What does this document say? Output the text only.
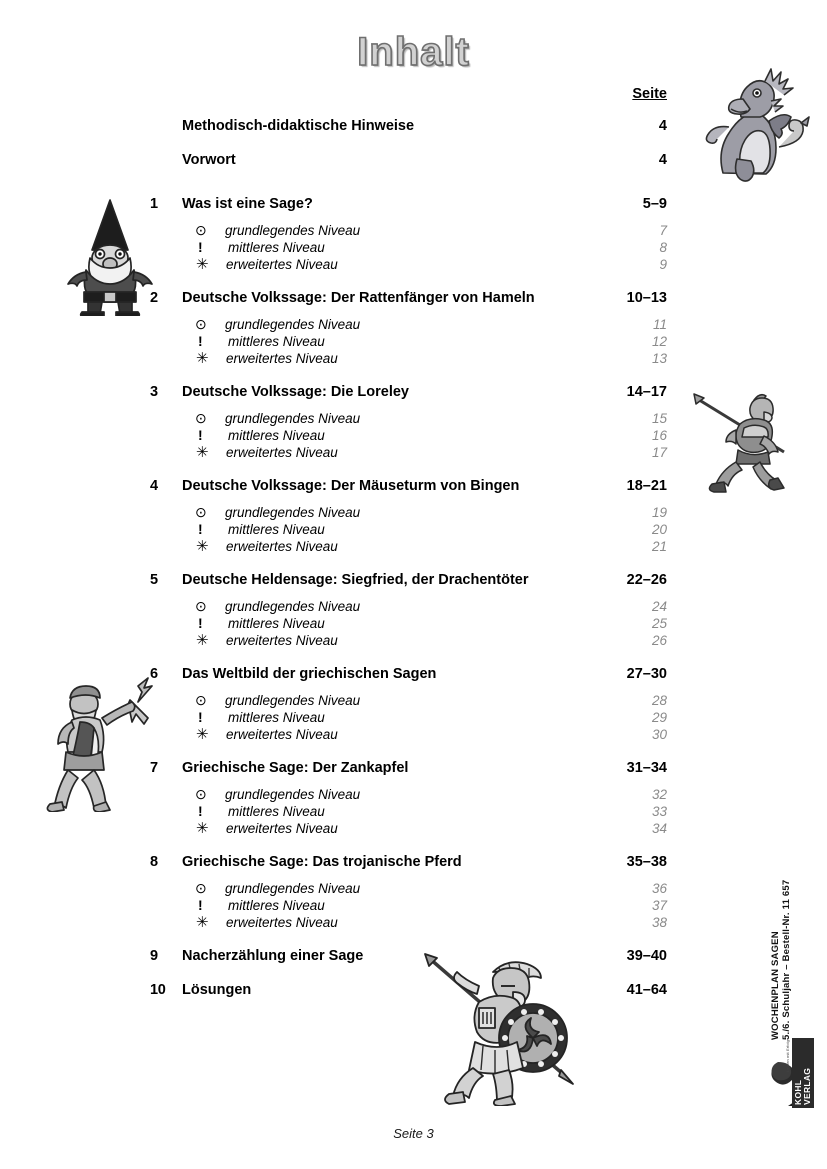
Inhalt
Seite
Methodisch-didaktische Hinweise	4
Vorwort	4
1	Was ist eine Sage?	5–9
⊙	grundlegendes Niveau	7
!	mittleres Niveau	8
✳	erweitertes Niveau	9
2	Deutsche Volkssage: Der Rattenfänger von Hameln	10–13
⊙	grundlegendes Niveau	11
!	mittleres Niveau	12
✳	erweitertes Niveau	13
3	Deutsche Volkssage: Die Loreley	14–17
⊙	grundlegendes Niveau	15
!	mittleres Niveau	16
✳	erweitertes Niveau	17
4	Deutsche Volkssage: Der Mäuseturm von Bingen	18–21
⊙	grundlegendes Niveau	19
!	mittleres Niveau	20
✳	erweitertes Niveau	21
5	Deutsche Heldensage: Siegfried, der Drachentöter	22–26
⊙	grundlegendes Niveau	24
!	mittleres Niveau	25
✳	erweitertes Niveau	26
6	Das Weltbild der griechischen Sagen	27–30
⊙	grundlegendes Niveau	28
!	mittleres Niveau	29
✳	erweitertes Niveau	30
7	Griechische Sage: Der Zankapfel	31–34
⊙	grundlegendes Niveau	32
!	mittleres Niveau	33
✳	erweitertes Niveau	34
8	Griechische Sage: Das trojanische Pferd	35–38
⊙	grundlegendes Niveau	36
!	mittleres Niveau	37
✳	erweitertes Niveau	38
9	Nacherzählung einer Sage	39–40
10	Lösungen	41–64	WOCHENPLAN SAGEN
5./6. Schuljahr – Bestell-Nr. 11 657
KOHL VERLAG
Lernen mit Erfolg
Seite 3
